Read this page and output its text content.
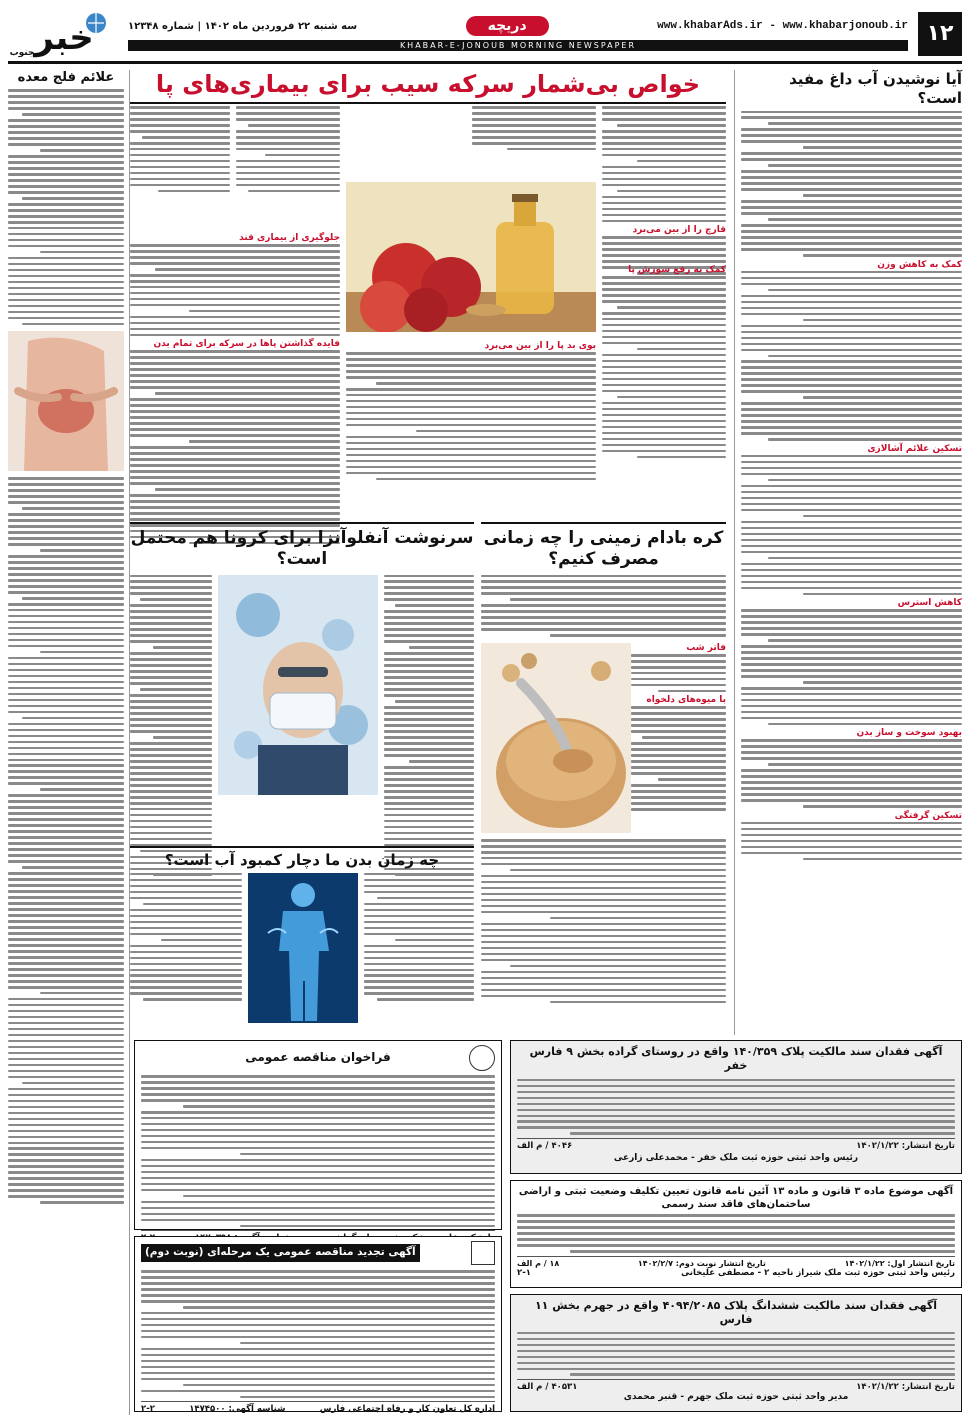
۱۲
www.khabarAds.ir - www.khabarjonoub.ir
دریچه
سه شنبه ۲۲ فروردین ماه ۱۴۰۲ | شماره ۱۲۳۴۸
KHABAR-E-JONOUB MORNING NEWSPAPER
خبر
جنوب
آیا نوشیدن آب داغ مفید است؟
کمک به کاهش وزن
تسکین علائم آشالازی
کاهش استرس
بهبود سوخت و ساز بدن
تسکین گرفتگی
خواص بی‌شمار سرکه سیب برای بیماری‌های پا
قارچ را از بین می‌برد
جلوگیری از بیماری قند
فایده گذاشتن پاها در سرکه برای تمام بدن
کمک به رفع سوزش پا
بوی بد پا را از بین می‌برد
کره بادام زمینی را چه زمانی مصرف کنیم؟
فاتر شب
با میوه‌های دلخواه
سرنوشت آنفلوآنزا برای کرونا هم محتمل است؟
چه زمان بدن ما دچار کمبود آب است؟
علائم فلج معده
آگهی فقدان سند مالکیت پلاک ۱۴۰/۳۵۹ واقع در روستای گراده بخش ۹ فارس خفر
تاریخ انتشار: ۱۴۰۲/۱/۲۲
۴۰۴۶ / م الف
رئیس واحد ثبتی حوزه ثبت ملک خفر - محمدعلی زارعی
آگهی موضوع ماده ۳ قانون و ماده ۱۳ آئین نامه قانون تعیین تکلیف وضعیت ثبتی و اراضی ساختمان‌های فاقد سند رسمی
تاریخ انتشار اول: ۱۴۰۲/۱/۲۲
تاریخ انتشار نوبت دوم: ۱۴۰۲/۲/۷
۱۸ / م الف
رئیس واحد ثبتی حوزه ثبت ملک شیراز ناحیه ۲ - مصطفی علیخانی
۲-۱
آگهی فقدان سند مالکیت ششدانگ پلاک ۴۰۹۴/۲۰۸۵ واقع در جهرم بخش ۱۱ فارس
تاریخ انتشار: ۱۴۰۲/۱/۲۲
۴۰۵۳۱ / م الف
مدیر واحد ثبتی حوزه ثبت ملک جهرم - قنبر محمدی
فراخوان مناقصه عمومی
آگهی تجدید مناقصه عمومی یک مرحله‌ای (نوبت دوم)
اداره کل تعاون کار و رفاه اجتماعی فارس
شناسه آگهی: ۱۴۷۴۵۰۰
۲-۲
